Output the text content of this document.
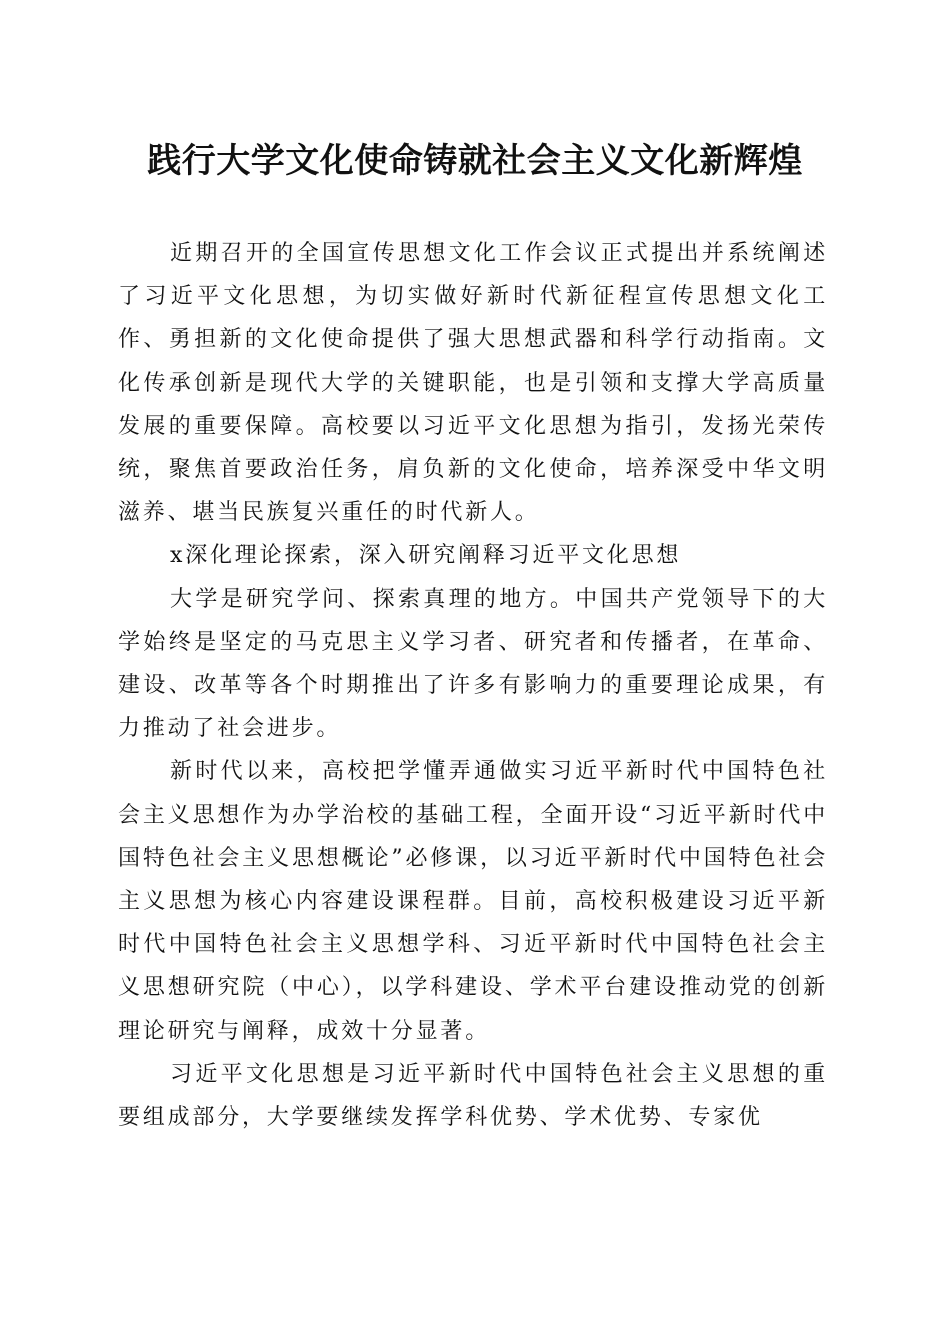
践行大学文化使命铸就社会主义文化新辉煌

近期召开的全国宣传思想文化工作会议正式提出并系统阐述了习近平文化思想，为切实做好新时代新征程宣传思想文化工作、勇担新的文化使命提供了强大思想武器和科学行动指南。文化传承创新是现代大学的关键职能，也是引领和支撑大学高质量发展的重要保障。高校要以习近平文化思想为指引，发扬光荣传统，聚焦首要政治任务，肩负新的文化使命，培养深受中华文明滋养、堪当民族复兴重任的时代新人。

x深化理论探索，深入研究阐释习近平文化思想

大学是研究学问、探索真理的地方。中国共产党领导下的大学始终是坚定的马克思主义学习者、研究者和传播者，在革命、建设、改革等各个时期推出了许多有影响力的重要理论成果，有力推动了社会进步。

新时代以来，高校把学懂弄通做实习近平新时代中国特色社会主义思想作为办学治校的基础工程，全面开设“习近平新时代中国特色社会主义思想概论”必修课，以习近平新时代中国特色社会主义思想为核心内容建设课程群。目前，高校积极建设习近平新时代中国特色社会主义思想学科、习近平新时代中国特色社会主义思想研究院（中心），以学科建设、学术平台建设推动党的创新理论研究与阐释，成效十分显著。

习近平文化思想是习近平新时代中国特色社会主义思想的重要组成部分，大学要继续发挥学科优势、学术优势、专家优
